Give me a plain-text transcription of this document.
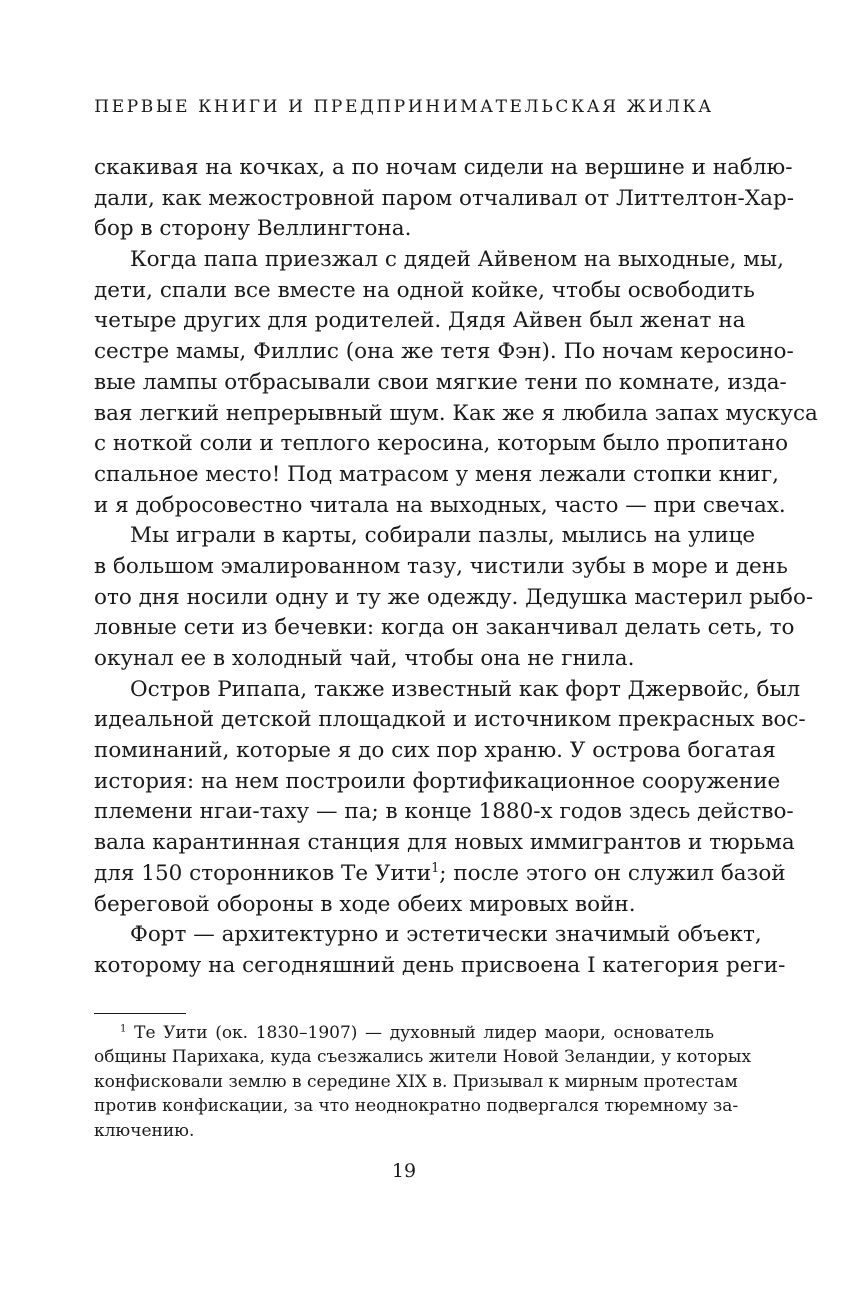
ПЕРВЫЕ КНИГИ И ПРЕДПРИНИМАТЕЛЬСКАЯ ЖИЛКА
скакивая на кочках, а по ночам сидели на вершине и наблю-
дали, как межостровной паром отчаливал от Литтелтон-Хар-
бор в сторону Веллингтона.
Когда папа приезжал с дядей Айвеном на выходные, мы,
дети, спали все вместе на одной койке, чтобы освободить
четыре других для родителей. Дядя Айвен был женат на
сестре мамы, Филлис (она же тетя Фэн). По ночам керосино-
вые лампы отбрасывали свои мягкие тени по комнате, изда-
вая легкий непрерывный шум. Как же я любила запах мускуса
с ноткой соли и теплого керосина, которым было пропитано
спальное место! Под матрасом у меня лежали стопки книг,
и я добросовестно читала на выходных, часто — при свечах.
Мы играли в карты, собирали пазлы, мылись на улице
в большом эмалированном тазу, чистили зубы в море и день
ото дня носили одну и ту же одежду. Дедушка мастерил рыбо-
ловные сети из бечевки: когда он заканчивал делать сеть, то
окунал ее в холодный чай, чтобы она не гнила.
Остров Рипапа, также известный как форт Джервойс, был
идеальной детской площадкой и источником прекрасных вос-
поминаний, которые я до сих пор храню. У острова богатая
история: на нем построили фортификационное сооружение
племени нгаи-таху — па; в конце 1880-х годов здесь действо-
вала карантинная станция для новых иммигрантов и тюрьма
для 150 сторонников Те Уити$^1$; после этого он служил базой
береговой обороны в ходе обеих мировых войн.
Форт — архитектурно и эстетически значимый объект,
которому на сегодняшний день присвоена I категория реги-
$^1$ Те Уити (ок. 1830–1907) — духовный лидер маори, основатель
общины Парихака, куда съезжались жители Новой Зеландии, у которых
конфисковали землю в середине XIX в. Призывал к мирным протестам
против конфискации, за что неоднократно подвергался тюремному за-
ключению.
19
